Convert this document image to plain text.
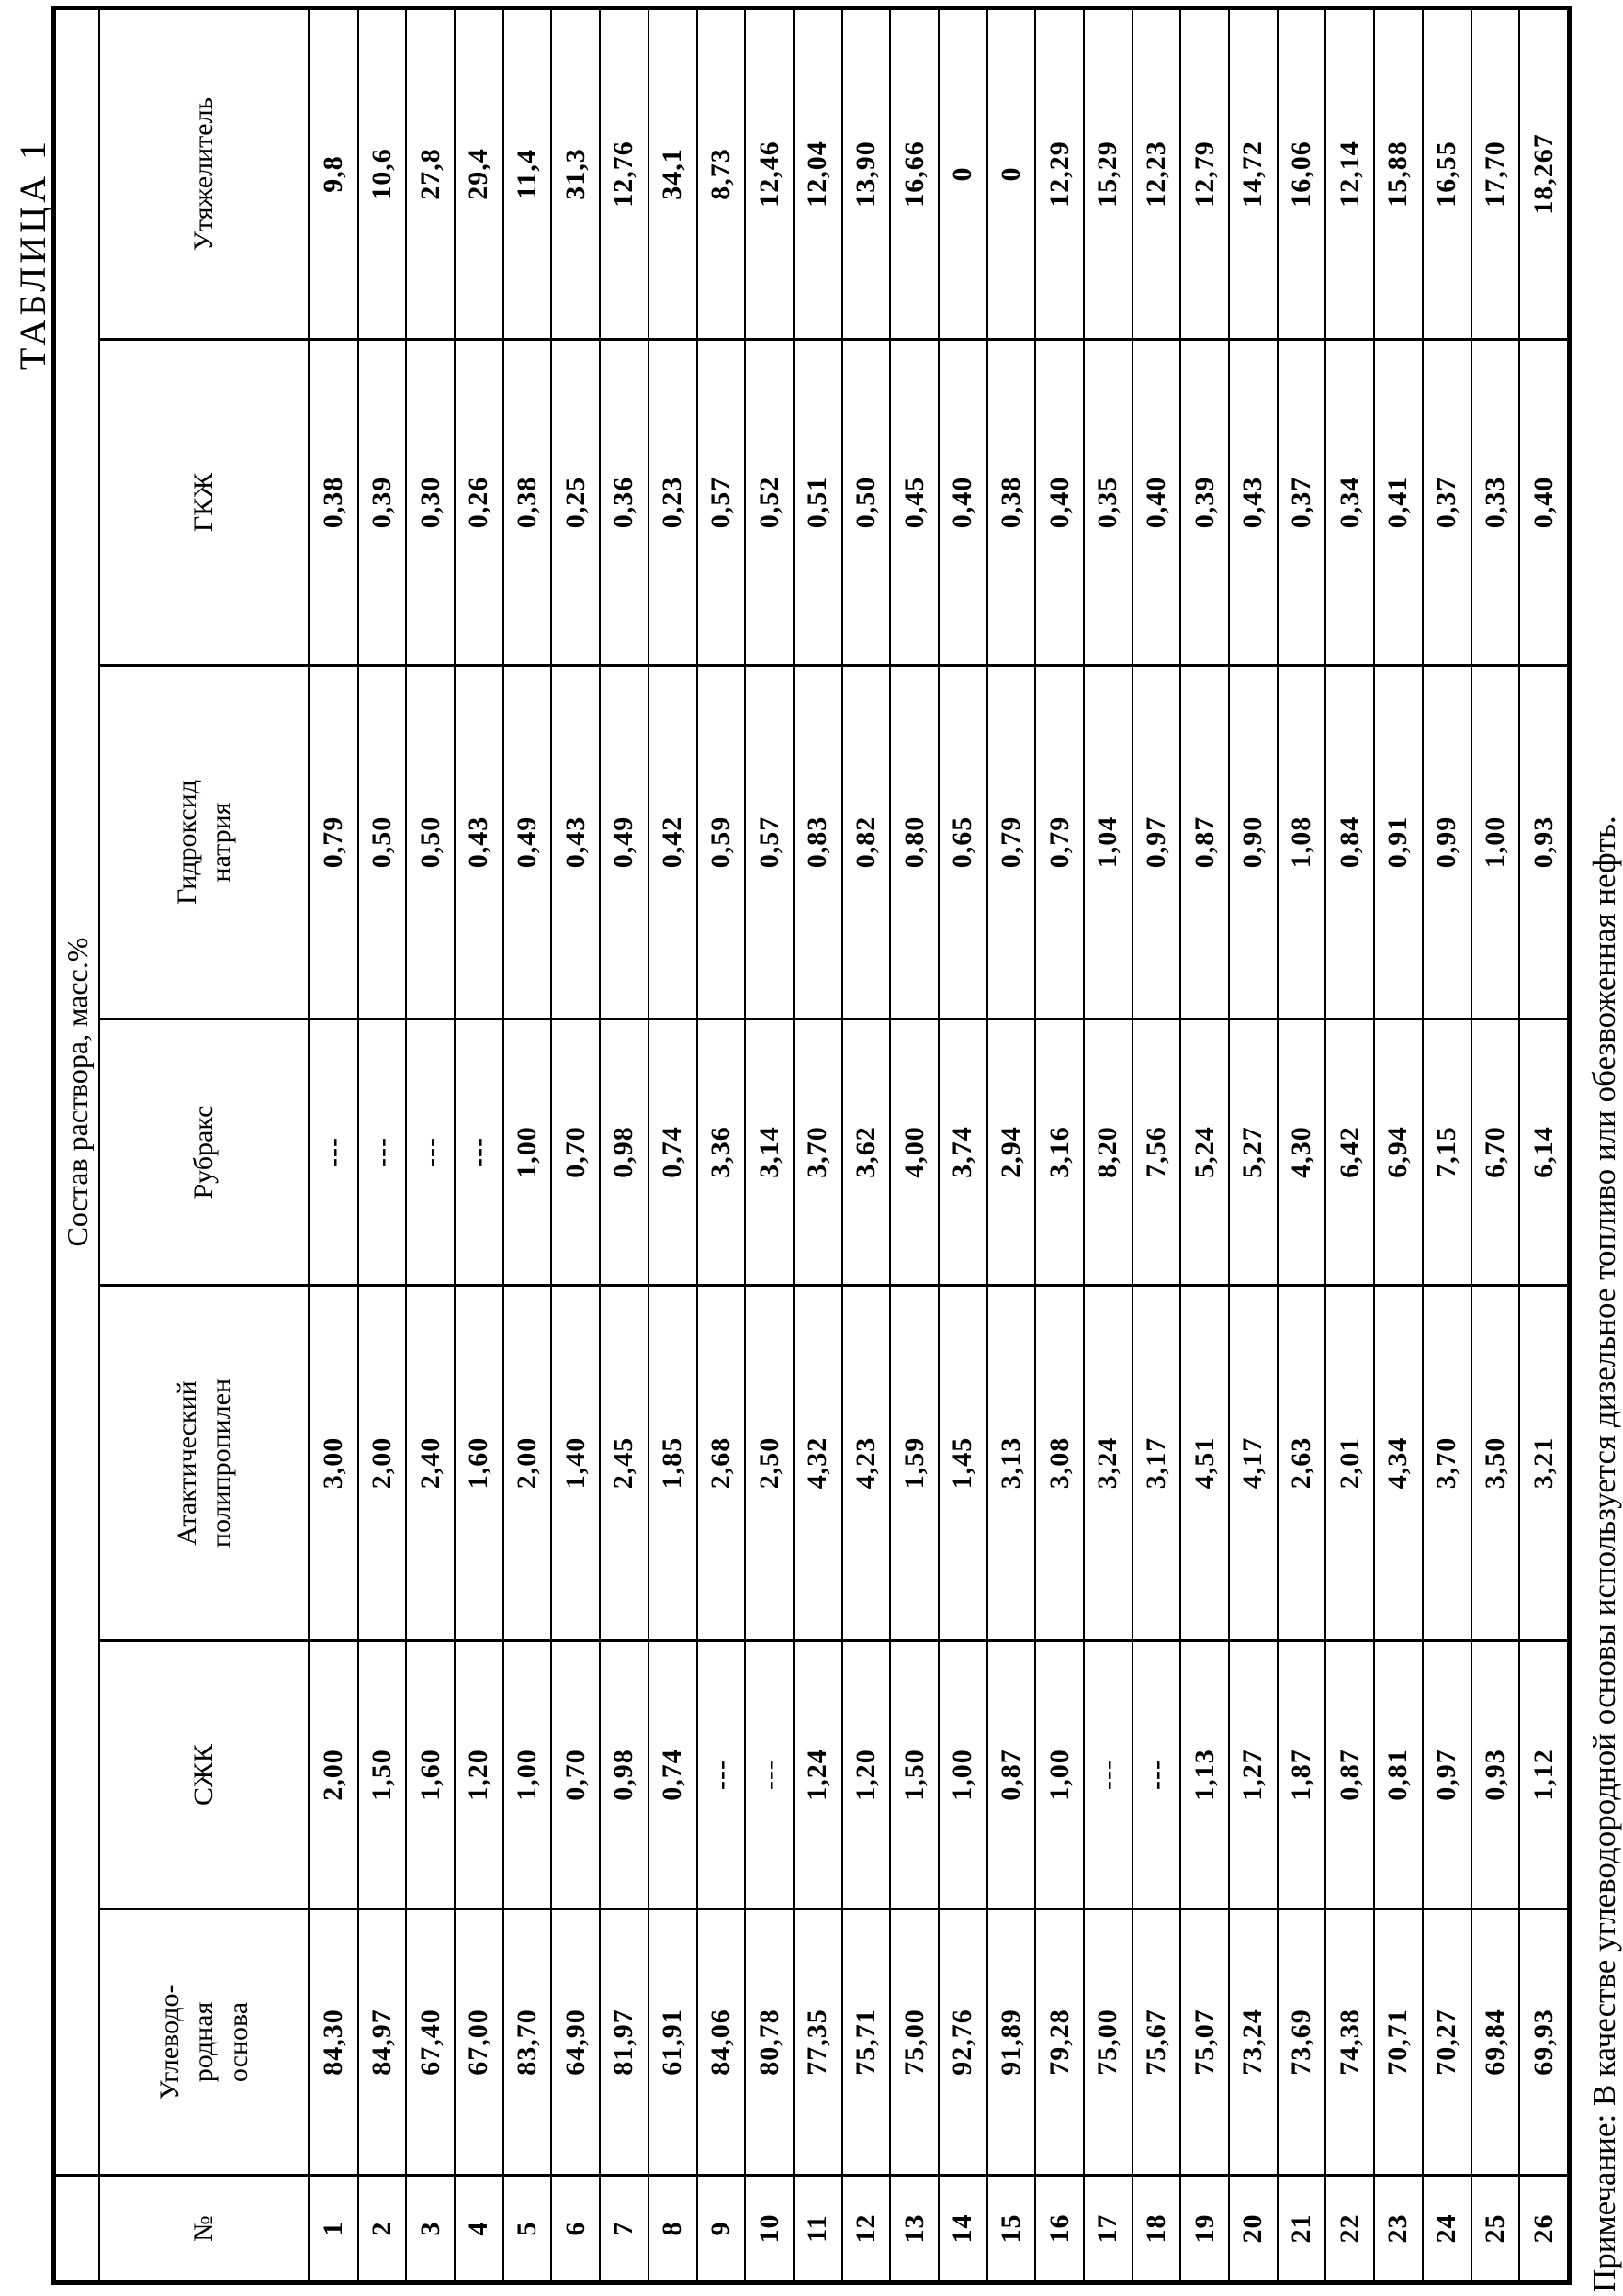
ТАБЛИЦА 1
	Состав раствора, масс.%						
№	Углеводо-
родная
основа	СЖК	Атактический
полипропилен	Рубракс	Гидроксид
натрия	ГКЖ	Утяжелитель
1	84,30	2,00	3,00	---	0,79	0,38	9,8
2	84,97	1,50	2,00	---	0,50	0,39	10,6
3	67,40	1,60	2,40	---	0,50	0,30	27,8
4	67,00	1,20	1,60	---	0,43	0,26	29,4
5	83,70	1,00	2,00	1,00	0,49	0,38	11,4
6	64,90	0,70	1,40	0,70	0,43	0,25	31,3
7	81,97	0,98	2,45	0,98	0,49	0,36	12,76
8	61,91	0,74	1,85	0,74	0,42	0,23	34,1
9	84,06	---	2,68	3,36	0,59	0,57	8,73
10	80,78	---	2,50	3,14	0,57	0,52	12,46
11	77,35	1,24	4,32	3,70	0,83	0,51	12,04
12	75,71	1,20	4,23	3,62	0,82	0,50	13,90
13	75,00	1,50	1,59	4,00	0,80	0,45	16,66
14	92,76	1,00	1,45	3,74	0,65	0,40	0
15	91,89	0,87	3,13	2,94	0,79	0,38	0
16	79,28	1,00	3,08	3,16	0,79	0,40	12,29
17	75,00	---	3,24	8,20	1,04	0,35	15,29
18	75,67	---	3,17	7,56	0,97	0,40	12,23
19	75,07	1,13	4,51	5,24	0,87	0,39	12,79
20	73,24	1,27	4,17	5,27	0,90	0,43	14,72
21	73,69	1,87	2,63	4,30	1,08	0,37	16,06
22	74,38	0,87	2,01	6,42	0,84	0,34	12,14
23	70,71	0,81	4,34	6,94	0,91	0,41	15,88
24	70,27	0,97	3,70	7,15	0,99	0,37	16,55
25	69,84	0,93	3,50	6,70	1,00	0,33	17,70
26	69,93	1,12	3,21	6,14	0,93	0,40	18,267
Примечание: В качестве углеводородной основы используется дизельное топливо или обезвоженная нефть.
